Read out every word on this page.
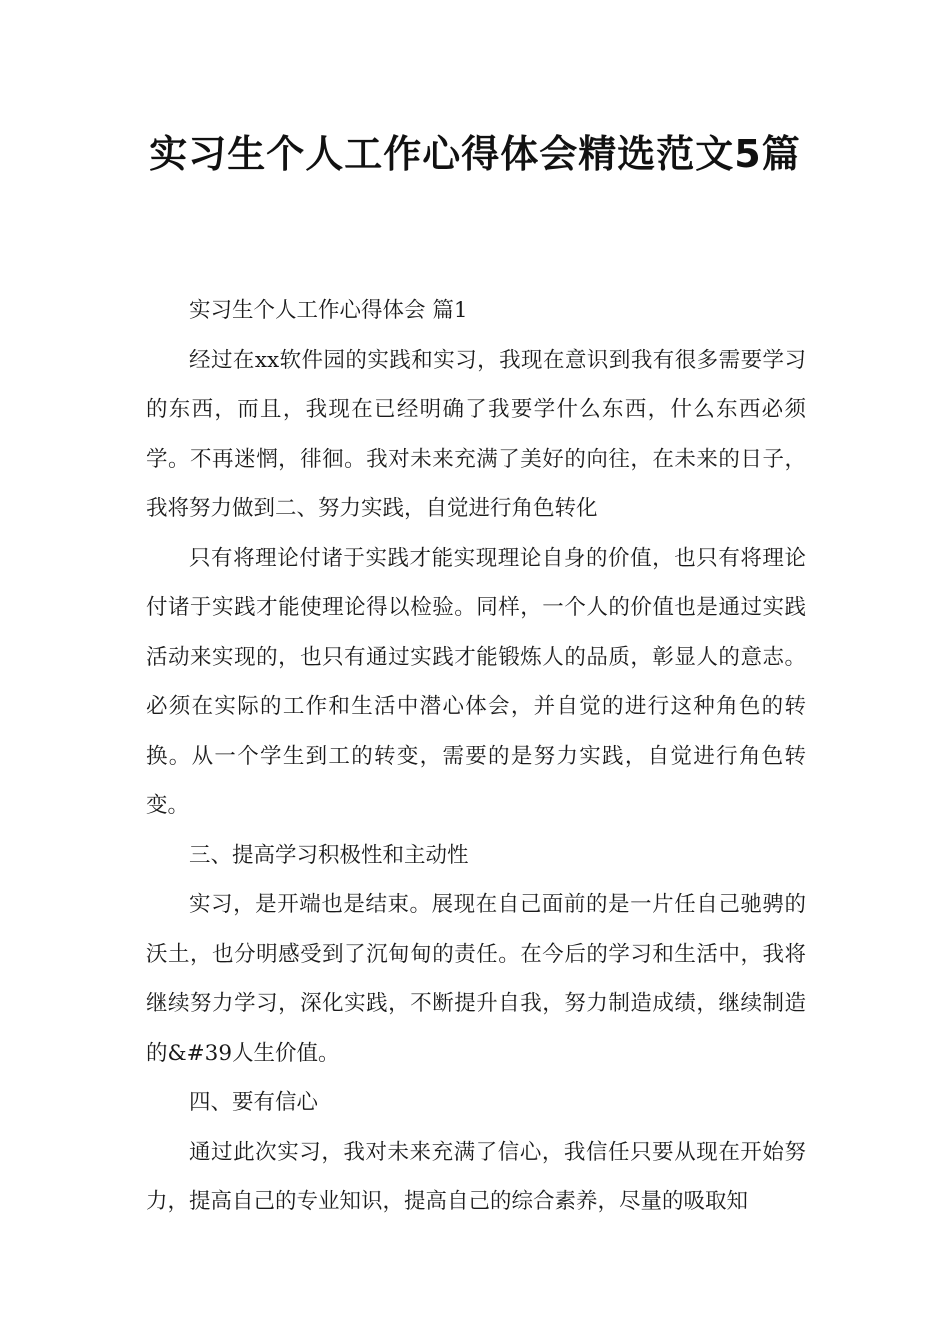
实习生个人工作心得体会精选范文5篇

实习生个人工作心得体会 篇1

经过在xx软件园的实践和实习，我现在意识到我有很多需要学习的东西，而且，我现在已经明确了我要学什么东西，什么东西必须学。不再迷惘，徘徊。我对未来充满了美好的向往，在未来的日子，我将努力做到二、努力实践，自觉进行角色转化

只有将理论付诸于实践才能实现理论自身的价值，也只有将理论付诸于实践才能使理论得以检验。同样，一个人的价值也是通过实践活动来实现的，也只有通过实践才能锻炼人的品质，彰显人的意志。必须在实际的工作和生活中潜心体会，并自觉的进行这种角色的转换。从一个学生到工的转变，需要的是努力实践，自觉进行角色转变。

三、提高学习积极性和主动性

实习，是开端也是结束。展现在自己面前的是一片任自己驰骋的沃土，也分明感受到了沉甸甸的责任。在今后的学习和生活中，我将继续努力学习，深化实践，不断提升自我，努力制造成绩，继续制造的&#39人生价值。

四、要有信心

通过此次实习，我对未来充满了信心，我信任只要从现在开始努力，提高自己的专业知识，提高自己的综合素养，尽量的吸取知
